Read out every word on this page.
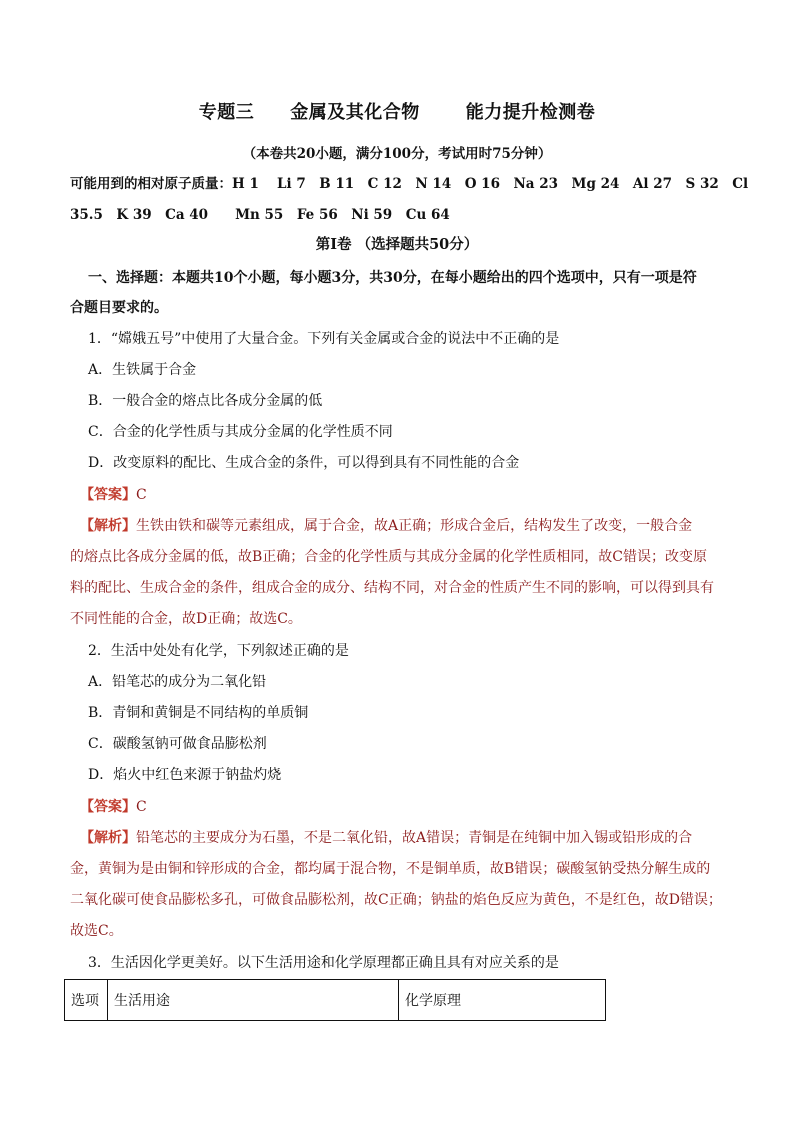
专题三 金属及其化合物	能力提升检测卷
（本卷共20小题，满分100分，考试用时75分钟）
可能用到的相对原子质量：H 1　 Li 7　B 11　C 12　N 14　O 16　Na 23　Mg 24　Al 27　S 32　Cl
35.5　K 39　Ca 40　　Mn 55　Fe 56　Ni 59　Cu 64
第Ⅰ卷 （选择题共50分）
一、选择题：本题共10个小题，每小题3分，共30分，在每小题给出的四个选项中，只有一项是符
合题目要求的。
1．“嫦娥五号”中使用了大量合金。下列有关金属或合金的说法中不正确的是
A．生铁属于合金
B．一般合金的熔点比各成分金属的低
C．合金的化学性质与其成分金属的化学性质不同
D．改变原料的配比、生成合金的条件，可以得到具有不同性能的合金
【答案】C
【解析】生铁由铁和碳等元素组成，属于合金，故A正确；形成合金后，结构发生了改变，一般合金
的熔点比各成分金属的低，故B正确；合金的化学性质与其成分金属的化学性质相同，故C错误；改变原
料的配比、生成合金的条件，组成合金的成分、结构不同，对合金的性质产生不同的影响，可以得到具有
不同性能的合金，故D正确；故选C。
2．生活中处处有化学，下列叙述正确的是
A．铅笔芯的成分为二氧化铅
B．青铜和黄铜是不同结构的单质铜
C．碳酸氢钠可做食品膨松剂
D．焰火中红色来源于钠盐灼烧
【答案】C
【解析】铅笔芯的主要成分为石墨，不是二氧化铅，故A错误；青铜是在纯铜中加入锡或铅形成的合
金，黄铜为是由铜和锌形成的合金，都均属于混合物，不是铜单质，故B错误；碳酸氢钠受热分解生成的
二氧化碳可使食品膨松多孔，可做食品膨松剂，故C正确；钠盐的焰色反应为黄色，不是红色，故D错误；
故选C。
3．生活因化学更美好。以下生活用途和化学原理都正确且具有对应关系的是
选项	生活用途	化学原理
